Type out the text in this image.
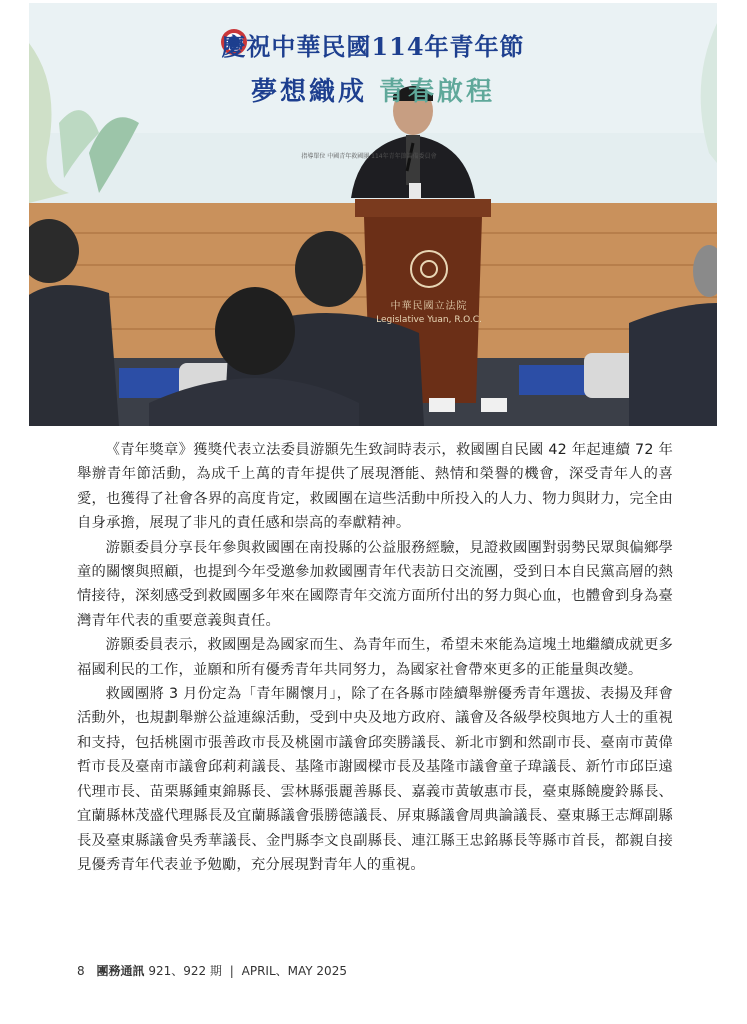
慶祝中華民國114年青年節
夢想織成 青春啟程
指導單位 中國青年救國團 114年青年節籌備委員會
中華民國立法院
Legislative Yuan, R.O.C.

《青年獎章》獲獎代表立法委員游顥先生致詞時表示，救國團自民國 42 年起連續 72 年舉辦青年節活動，為成千上萬的青年提供了展現潛能、熱情和榮譽的機會，深受青年人的喜愛，也獲得了社會各界的高度肯定，救國團在這些活動中所投入的人力、物力與財力，完全由自身承擔，展現了非凡的責任感和崇高的奉獻精神。

游顥委員分享長年參與救國團在南投縣的公益服務經驗，見證救國團對弱勢民眾與偏鄉學童的關懷與照顧，也提到今年受邀參加救國團青年代表訪日交流團，受到日本自民黨高層的熱情接待，深刻感受到救國團多年來在國際青年交流方面所付出的努力與心血，也體會到身為臺灣青年代表的重要意義與責任。

游顥委員表示，救國團是為國家而生、為青年而生，希望未來能為這塊土地繼續成就更多福國利民的工作，並願和所有優秀青年共同努力，為國家社會帶來更多的正能量與改變。

救國團將 3 月份定為「青年關懷月」，除了在各縣市陸續舉辦優秀青年選拔、表揚及拜會活動外，也規劃舉辦公益連線活動，受到中央及地方政府、議會及各級學校與地方人士的重視和支持，包括桃園市張善政市長及桃園市議會邱奕勝議長、新北市劉和然副市長、臺南市黃偉哲市長及臺南市議會邱莉莉議長、基隆市謝國樑市長及基隆市議會童子瑋議長、新竹市邱臣遠代理市長、苗栗縣鍾東錦縣長、雲林縣張麗善縣長、嘉義市黃敏惠市長，臺東縣饒慶鈴縣長、宜蘭縣林茂盛代理縣長及宜蘭縣議會張勝德議長、屏東縣議會周典論議長、臺東縣王志輝副縣長及臺東縣議會吳秀華議長、金門縣李文良副縣長、連江縣王忠銘縣長等縣市首長，都親自接見優秀青年代表並予勉勵，充分展現對青年人的重視。

8 團務通訊 921、922 期 | APRIL、MAY 2025
